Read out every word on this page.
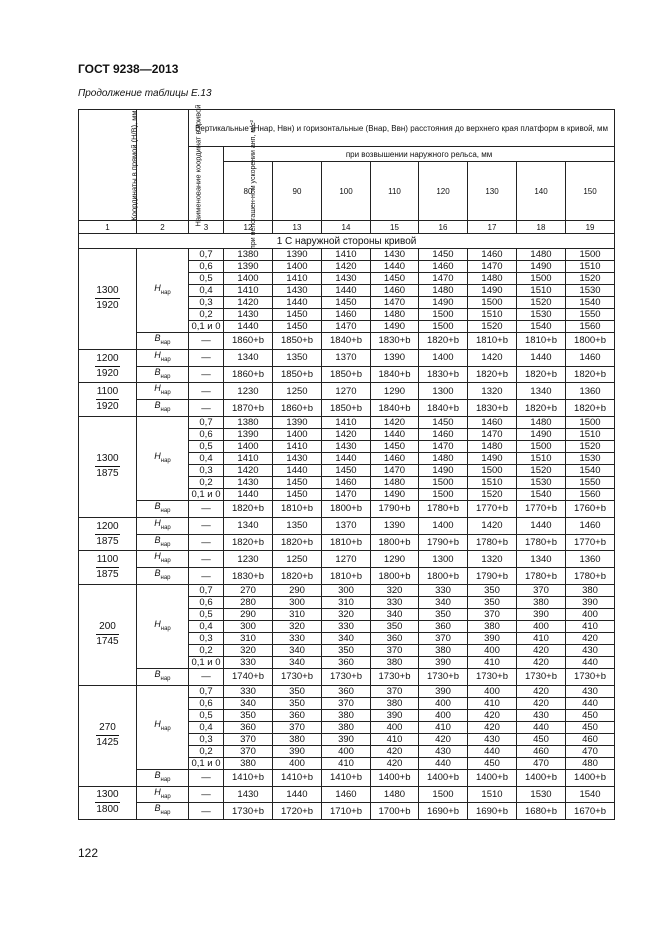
ГОСТ 9238—2013
Продолжение таблицы Е.13
Координаты в прямой (H/B), мм	Наименование координат в кривой	Вертикальные (Hнар, Hвн) и горизонтальные (Bнар, Bвн) расстояния до верхнего края платформ в кривой, мм								
		при непогашен-ном ускорении aнп, м/с²	при возвышении наружного рельса, мм							
			80	90	100	110	120	130	140	150
1	2	3	12	13	14	15	16	17	18	19
1 С наружной стороны кривой										

$\frac{1300}{1920}$	$H_{нар}$	0,7	1380	1390	1410	1430	1450	1460	1480	1500
		0,6	1390	1400	1420	1440	1460	1470	1490	1510
		0,5	1400	1410	1430	1450	1470	1480	1500	1520
		0,4	1410	1430	1440	1460	1480	1490	1510	1530
		0,3	1420	1440	1450	1470	1490	1500	1520	1540
		0,2	1430	1450	1460	1480	1500	1510	1530	1550
		0,1 и 0	1440	1450	1470	1490	1500	1520	1540	1560
	$B_{нар}$	—	1860+b	1850+b	1840+b	1830+b	1820+b	1810+b	1810+b	1800+b

$\frac{1200}{1920}$	$H_{нар}$	—	1340	1350	1370	1390	1400	1420	1440	1460
	$B_{нар}$	—	1860+b	1850+b	1850+b	1840+b	1830+b	1820+b	1820+b	1820+b

$\frac{1100}{1920}$	$H_{нар}$	—	1230	1250	1270	1290	1300	1320	1340	1360
	$B_{нар}$	—	1870+b	1860+b	1850+b	1840+b	1840+b	1830+b	1820+b	1820+b

$\frac{1300}{1875}$	$H_{нар}$	0,7	1380	1390	1410	1420	1450	1460	1480	1500
		0,6	1390	1400	1420	1440	1460	1470	1490	1510
		0,5	1400	1410	1430	1450	1470	1480	1500	1520
		0,4	1410	1430	1440	1460	1480	1490	1510	1530
		0,3	1420	1440	1450	1470	1490	1500	1520	1540
		0,2	1430	1450	1460	1480	1500	1510	1530	1550
		0,1 и 0	1440	1450	1470	1490	1500	1520	1540	1560
	$B_{нар}$	—	1820+b	1810+b	1800+b	1790+b	1780+b	1770+b	1770+b	1760+b

$\frac{1200}{1875}$	$H_{нар}$	—	1340	1350	1370	1390	1400	1420	1440	1460
	$B_{нар}$	—	1820+b	1820+b	1810+b	1800+b	1790+b	1780+b	1780+b	1770+b

$\frac{1100}{1875}$	$H_{нар}$	—	1230	1250	1270	1290	1300	1320	1340	1360
	$B_{нар}$	—	1830+b	1820+b	1810+b	1800+b	1800+b	1790+b	1780+b	1780+b

$\frac{200}{1745}$	$H_{нар}$	0,7	270	290	300	320	330	350	370	380
		0,6	280	300	310	330	340	350	380	390
		0,5	290	310	320	340	350	370	390	400
		0,4	300	320	330	350	360	380	400	410
		0,3	310	330	340	360	370	390	410	420
		0,2	320	340	350	370	380	400	420	430
		0,1 и 0	330	340	360	380	390	410	420	440
	$B_{нар}$	—	1740+b	1730+b	1730+b	1730+b	1730+b	1730+b	1730+b	1730+b

$\frac{270}{1425}$	$H_{нар}$	0,7	330	350	360	370	390	400	420	430
		0,6	340	350	370	380	400	410	420	440
		0,5	350	360	380	390	400	420	430	450
		0,4	360	370	380	400	410	420	440	450
		0,3	370	380	390	410	420	430	450	460
		0,2	370	390	400	420	430	440	460	470
		0,1 и 0	380	400	410	420	440	450	470	480
	$B_{нар}$	—	1410+b	1410+b	1410+b	1400+b	1400+b	1400+b	1400+b	1400+b

$\frac{1300}{1800}$	$H_{нар}$	—	1430	1440	1460	1480	1500	1510	1530	1540
	$B_{нар}$	—	1730+b	1720+b	1710+b	1700+b	1690+b	1690+b	1680+b	1670+b
122
